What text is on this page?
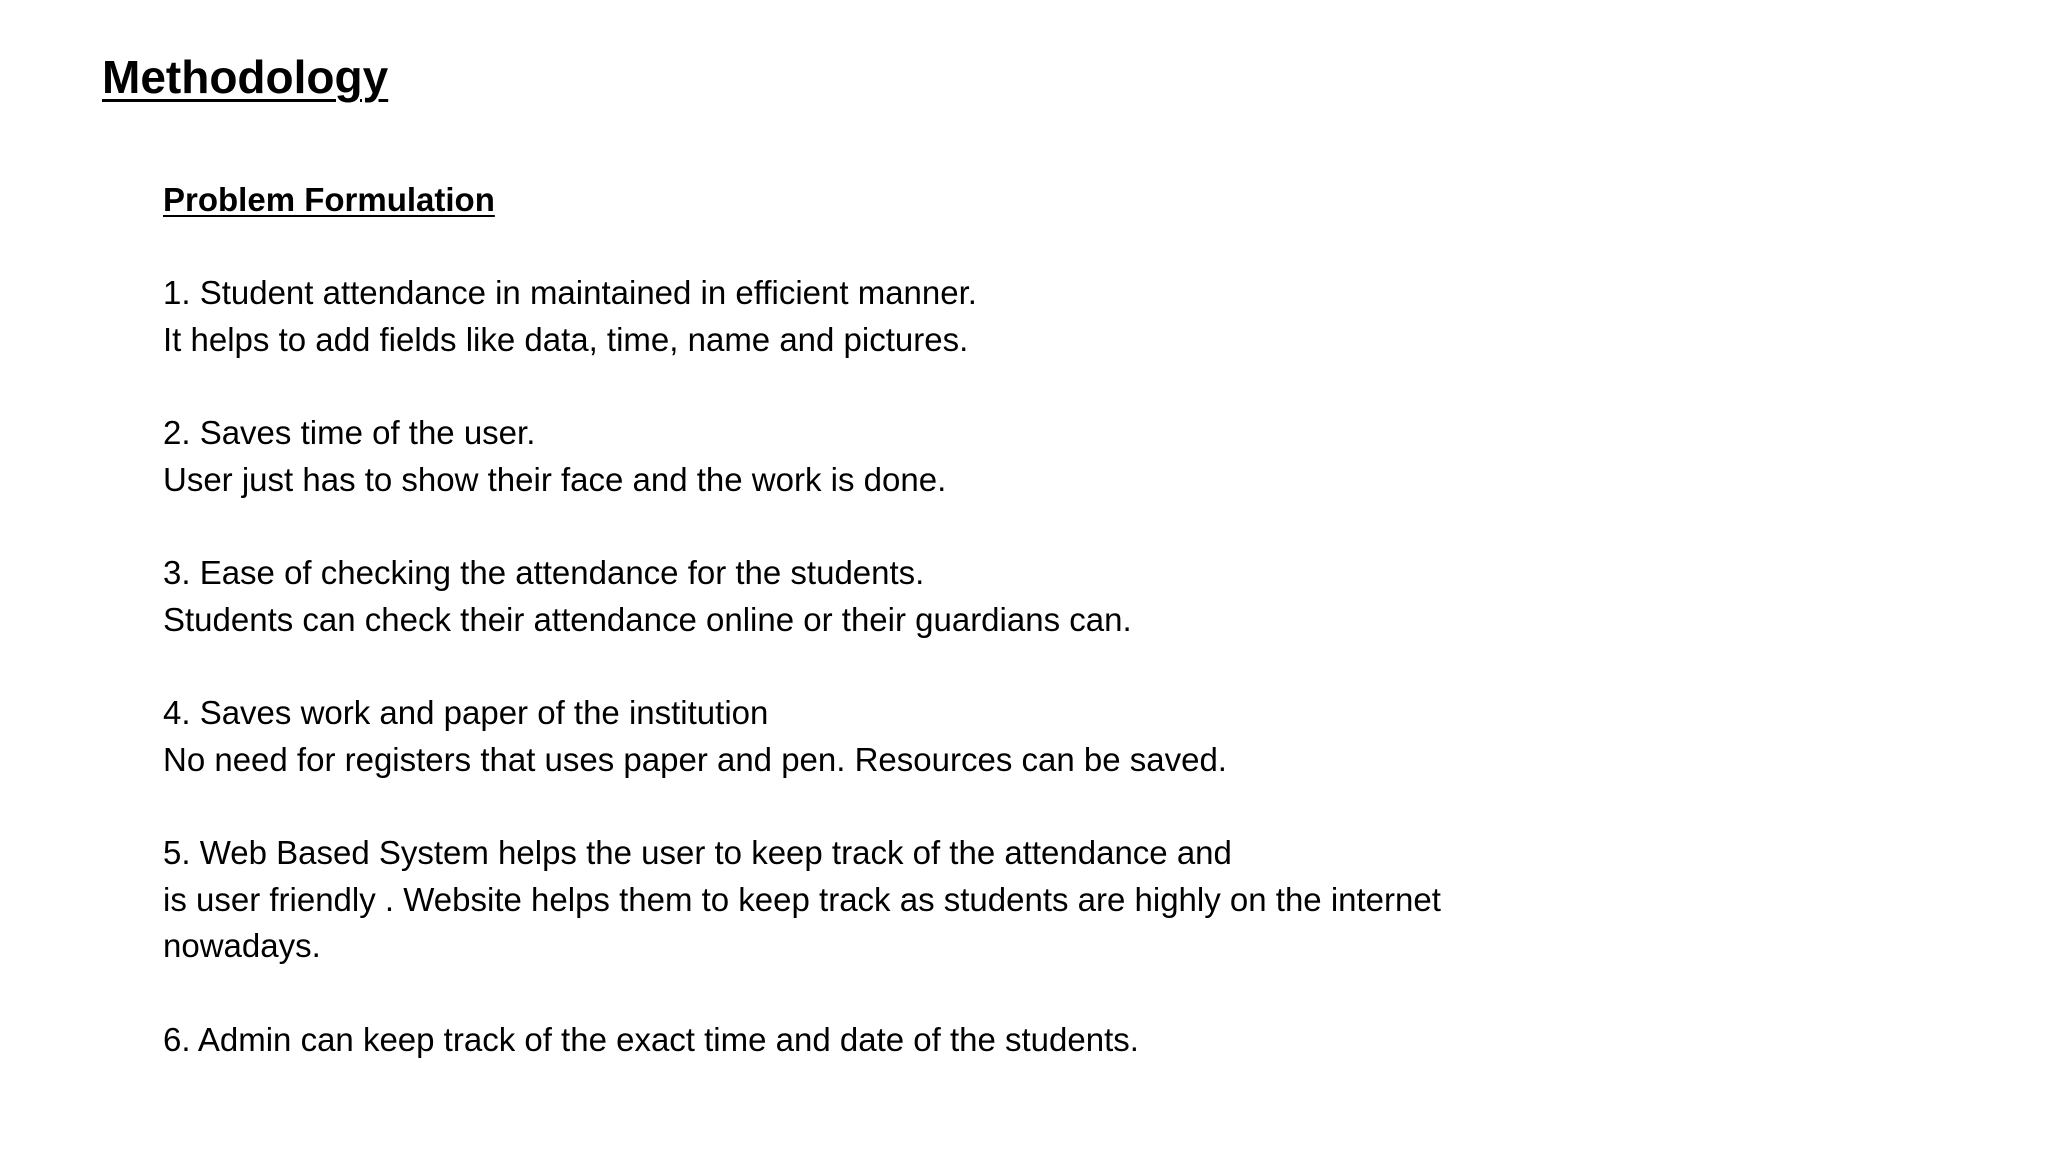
Methodology
Problem Formulation
1. Student attendance in maintained in efficient manner.
It helps to add fields like data, time, name and pictures.
2. Saves time of the user.
User just has to show their face and the work is done.
3. Ease of checking the attendance for the students.
Students can check their attendance online or their guardians can.
4. Saves work and paper of the institution
No need for registers that uses paper and pen. Resources can be saved.
5. Web Based System helps the user to keep track of the attendance and
is user friendly . Website helps them to keep track as students are highly on the internet
nowadays.
6. Admin can keep track of the exact time and date of the students.
